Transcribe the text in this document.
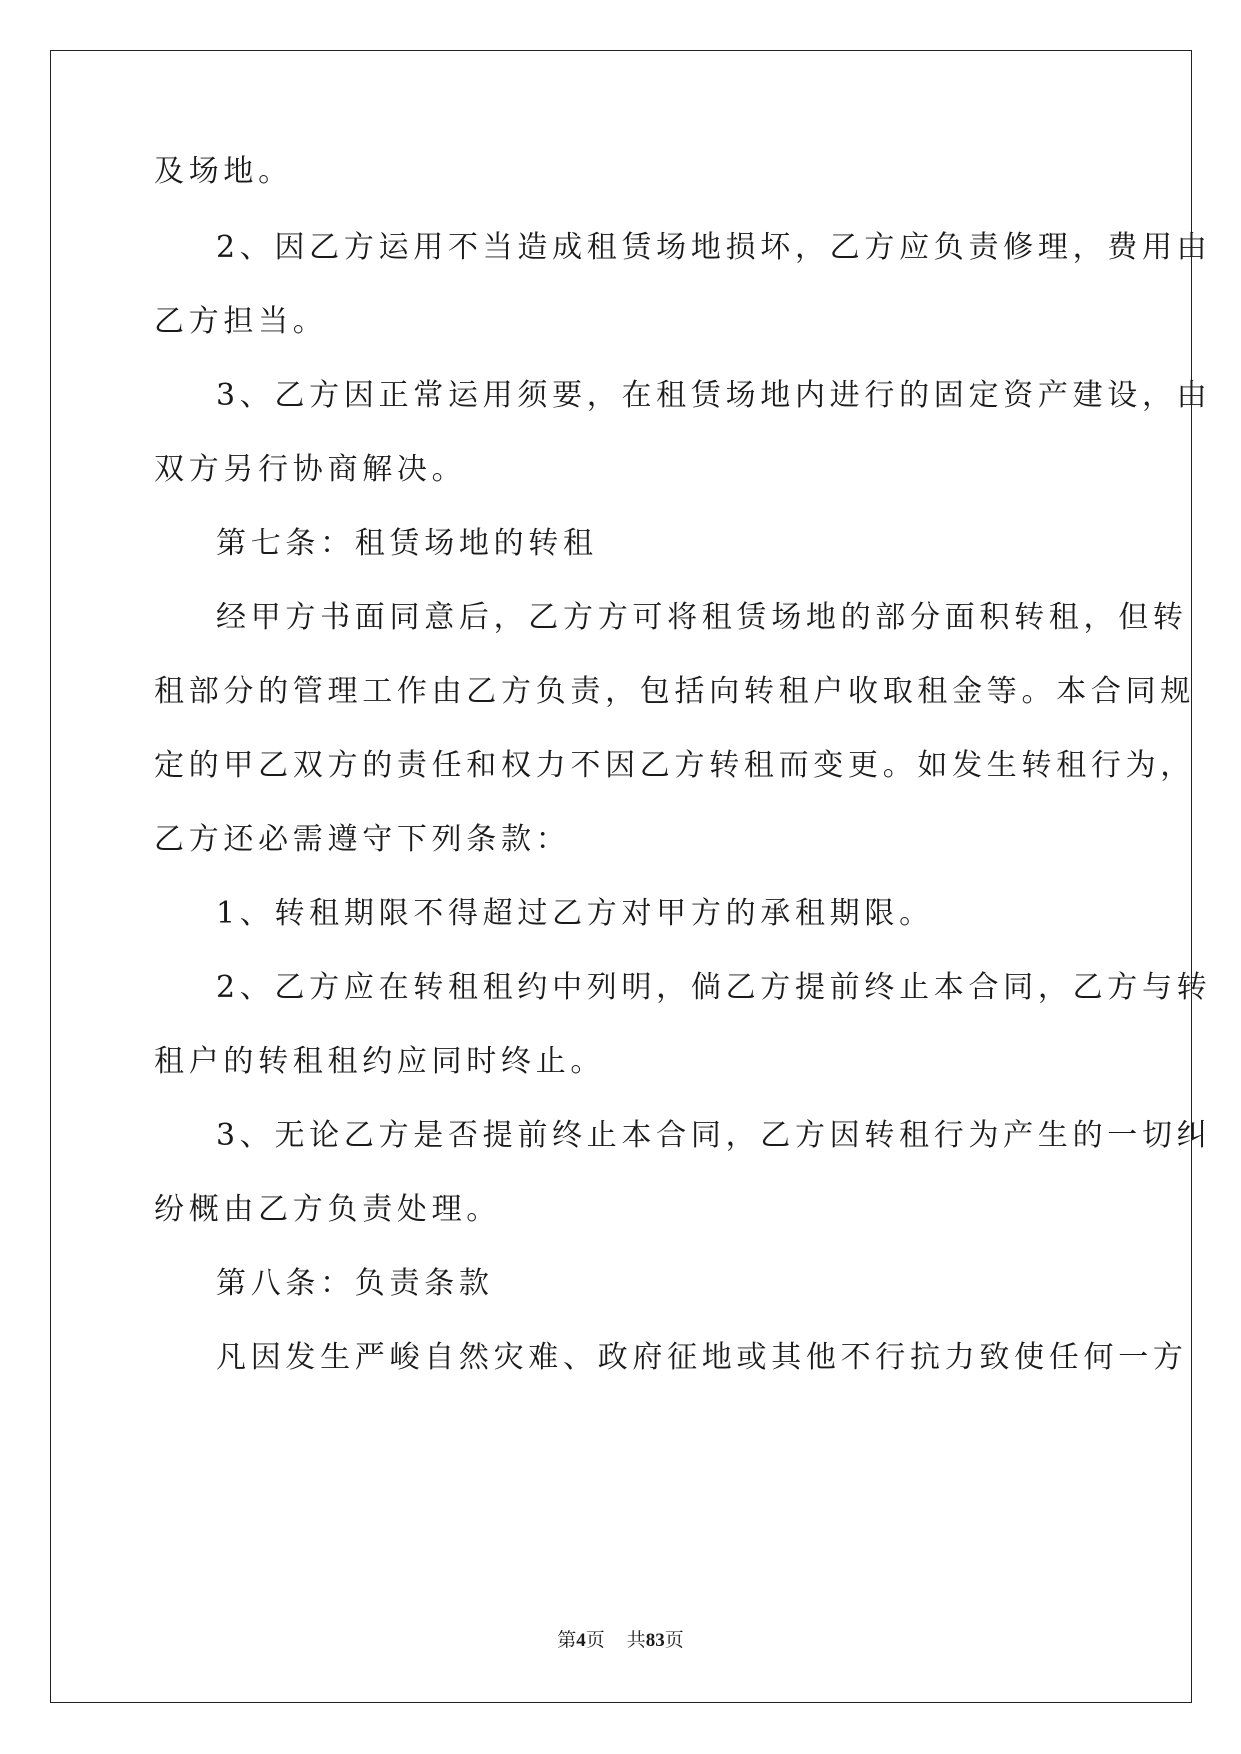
及场地。
2、因乙方运用不当造成租赁场地损坏，乙方应负责修理，费用由
乙方担当。
3、乙方因正常运用须要，在租赁场地内进行的固定资产建设，由
双方另行协商解决。
第七条：租赁场地的转租
经甲方书面同意后，乙方方可将租赁场地的部分面积转租，但转
租部分的管理工作由乙方负责，包括向转租户收取租金等。本合同规
定的甲乙双方的责任和权力不因乙方转租而变更。如发生转租行为，
乙方还必需遵守下列条款：
1、转租期限不得超过乙方对甲方的承租期限。
2、乙方应在转租租约中列明，倘乙方提前终止本合同，乙方与转
租户的转租租约应同时终止。
3、无论乙方是否提前终止本合同，乙方因转租行为产生的一切纠
纷概由乙方负责处理。
第八条：负责条款
凡因发生严峻自然灾难、政府征地或其他不行抗力致使任何一方
第4页 共83页
